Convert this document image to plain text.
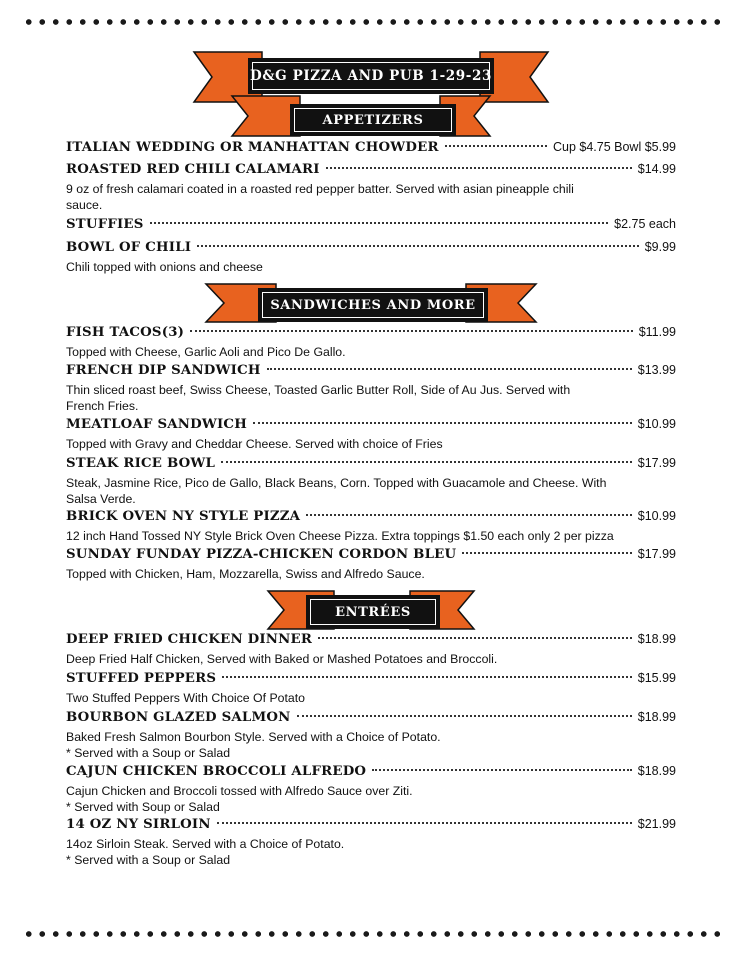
D&G PIZZA AND PUB 1-29-23
APPETIZERS
ITALIAN WEDDING OR MANHATTAN CHOWDER	Cup $4.75 Bowl $5.99
ROASTED RED CHILI CALAMARI	$14.99
9 oz of fresh calamari coated in a roasted red pepper batter. Served with asian pineapple chili
sauce.
STUFFIES	$2.75 each
BOWL OF CHILI	$9.99
Chili topped with onions and cheese
SANDWICHES AND MORE
FISH TACOS(3)	$11.99
Topped with Cheese, Garlic Aoli and Pico De Gallo.
FRENCH DIP SANDWICH	$13.99
Thin sliced roast beef, Swiss Cheese, Toasted Garlic Butter Roll, Side of Au Jus. Served with
French Fries.
MEATLOAF SANDWICH	$10.99
Topped with Gravy and Cheddar Cheese. Served with choice of Fries
STEAK RICE BOWL	$17.99
Steak, Jasmine Rice, Pico de Gallo, Black Beans, Corn. Topped with Guacamole and Cheese. With
Salsa Verde.
BRICK OVEN NY STYLE PIZZA	$10.99
12 inch Hand Tossed NY Style Brick Oven Cheese Pizza. Extra toppings $1.50 each only 2 per pizza
SUNDAY FUNDAY PIZZA-CHICKEN CORDON BLEU	$17.99
Topped with Chicken, Ham, Mozzarella, Swiss and Alfredo Sauce.
ENTRÉES
DEEP FRIED CHICKEN DINNER	$18.99
Deep Fried Half Chicken, Served with Baked or Mashed Potatoes and Broccoli.
STUFFED PEPPERS	$15.99
Two Stuffed Peppers With Choice Of Potato
BOURBON GLAZED SALMON	$18.99
Baked Fresh Salmon Bourbon Style. Served with a Choice of Potato.
* Served with a Soup or Salad
CAJUN CHICKEN BROCCOLI ALFREDO	$18.99
Cajun Chicken and Broccoli tossed with Alfredo Sauce over Ziti.
* Served with Soup or Salad
14 OZ NY SIRLOIN	$21.99
14oz Sirloin Steak. Served with a Choice of Potato.
* Served with a Soup or Salad
